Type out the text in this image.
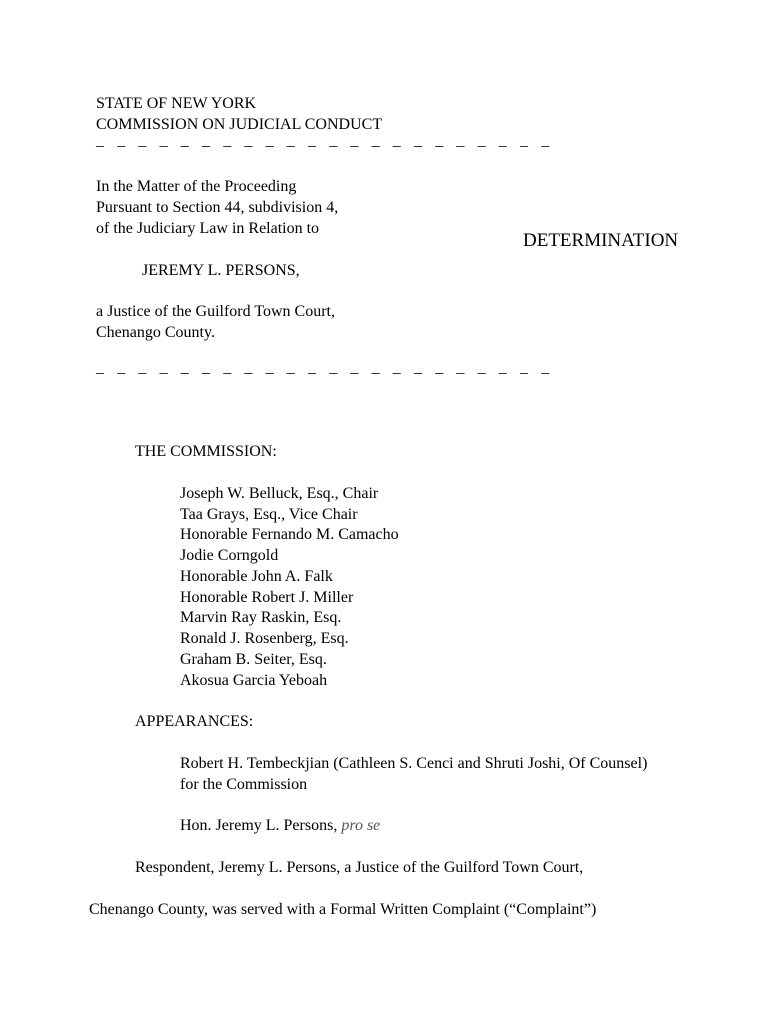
STATE OF NEW YORK
COMMISSION ON JUDICIAL CONDUCT
_ _ _ _ _ _ _ _ _ _ _ _ _ _ _ _ _ _ _ _ _ _
In the Matter of the Proceeding
Pursuant to Section 44, subdivision 4,
of the Judiciary Law in Relation to
DETERMINATION
JEREMY L. PERSONS,
a Justice of the Guilford Town Court,
Chenango County.
_ _ _ _ _ _ _ _ _ _ _ _ _ _ _ _ _ _ _ _ _ _
THE COMMISSION:
Joseph W. Belluck, Esq., Chair
Taa Grays, Esq., Vice Chair
Honorable Fernando M. Camacho
Jodie Corngold
Honorable John A. Falk
Honorable Robert J. Miller
Marvin Ray Raskin, Esq.
Ronald J. Rosenberg, Esq.
Graham B. Seiter, Esq.
Akosua Garcia Yeboah
APPEARANCES:
Robert H. Tembeckjian (Cathleen S. Cenci and Shruti Joshi, Of Counsel)
for the Commission
Hon. Jeremy L. Persons, pro se
Respondent, Jeremy L. Persons, a Justice of the Guilford Town Court,
Chenango County, was served with a Formal Written Complaint (“Complaint”)
